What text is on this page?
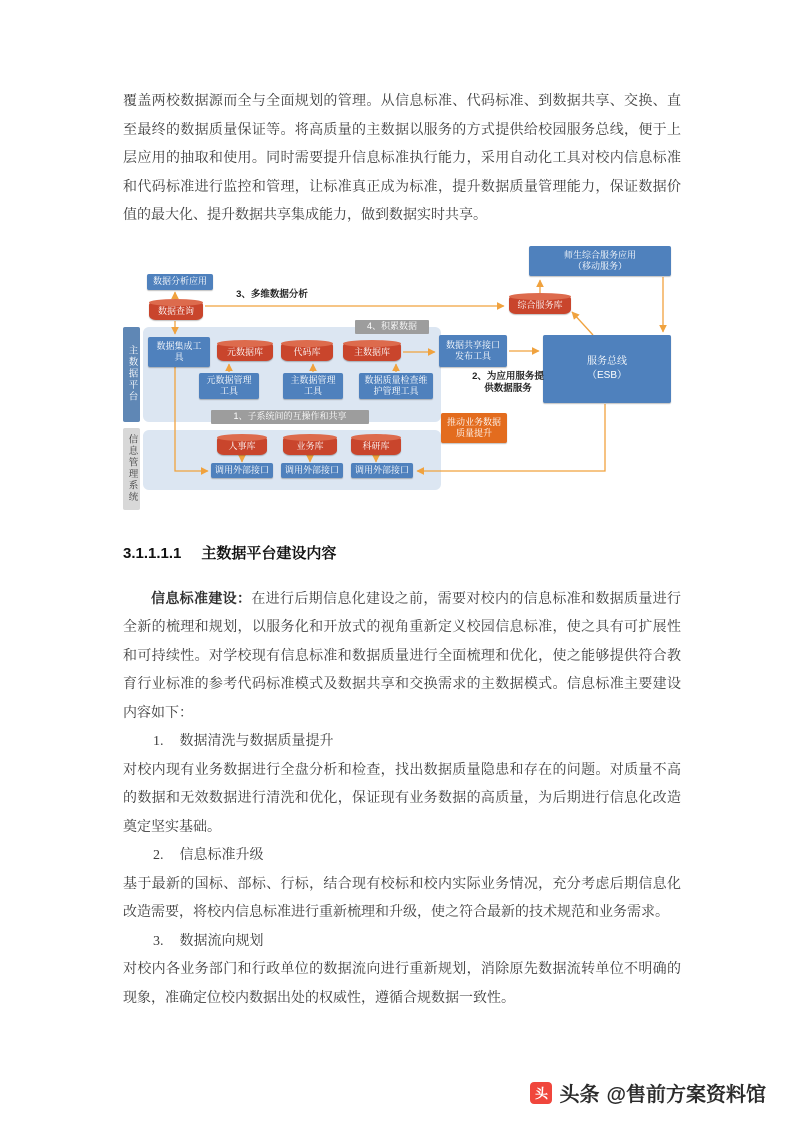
覆盖两校数据源而全与全面规划的管理。从信息标准、代码标准、到数据共享、交换、直至最终的数据质量保证等。将高质量的主数据以服务的方式提供给校园服务总线，便于上层应用的抽取和使用。同时需要提升信息标准执行能力，采用自动化工具对校内信息标准和代码标准进行监控和管理，让标准真正成为标准，提升数据质量管理能力，保证数据价值的最大化、提升数据共享集成能力，做到数据实时共享。

师生综合服务应用
（移动服务）
综合服务库
数据分析应用
数据查询
3、多维数据分析
主数据平台
信息管理系统
数据集成工具	元数据库	代码库	主数据库
4、积累数据
数据共享接口发布工具	服务总线
（ESB）
2、为应用服务提供数据服务
元数据管理工具
主数据管理工具
数据质量检查维护管理工具
1、子系统间的互操作和共享
推动业务数据质量提升
人事库	业务库	科研库
调用外部接口 调用外部接口 调用外部接口
3.1.1.1.1 主数据平台建设内容

信息标准建设：在进行后期信息化建设之前，需要对校内的信息标准和数据质量进行全新的梳理和规划，以服务化和开放式的视角重新定义校园信息标准，使之具有可扩展性和可持续性。对学校现有信息标准和数据质量进行全面梳理和优化，使之能够提供符合教育行业标准的参考代码标准模式及数据共享和交换需求的主数据模式。信息标准主要建设内容如下：

1. 数据清洗与数据质量提升

对校内现有业务数据进行全盘分析和检查，找出数据质量隐患和存在的问题。对质量不高的数据和无效数据进行清洗和优化，保证现有业务数据的高质量，为后期进行信息化改造奠定坚实基础。

2. 信息标准升级

基于最新的国标、部标、行标，结合现有校标和校内实际业务情况，充分考虑后期信息化改造需要，将校内信息标准进行重新梳理和升级，使之符合最新的技术规范和业务需求。

3. 数据流向规划

对校内各业务部门和行政单位的数据流向进行重新规划，消除原先数据流转单位不明确的现象，准确定位校内数据出处的权威性，遵循合规数据一致性。

头 头条 @售前方案资料馆
